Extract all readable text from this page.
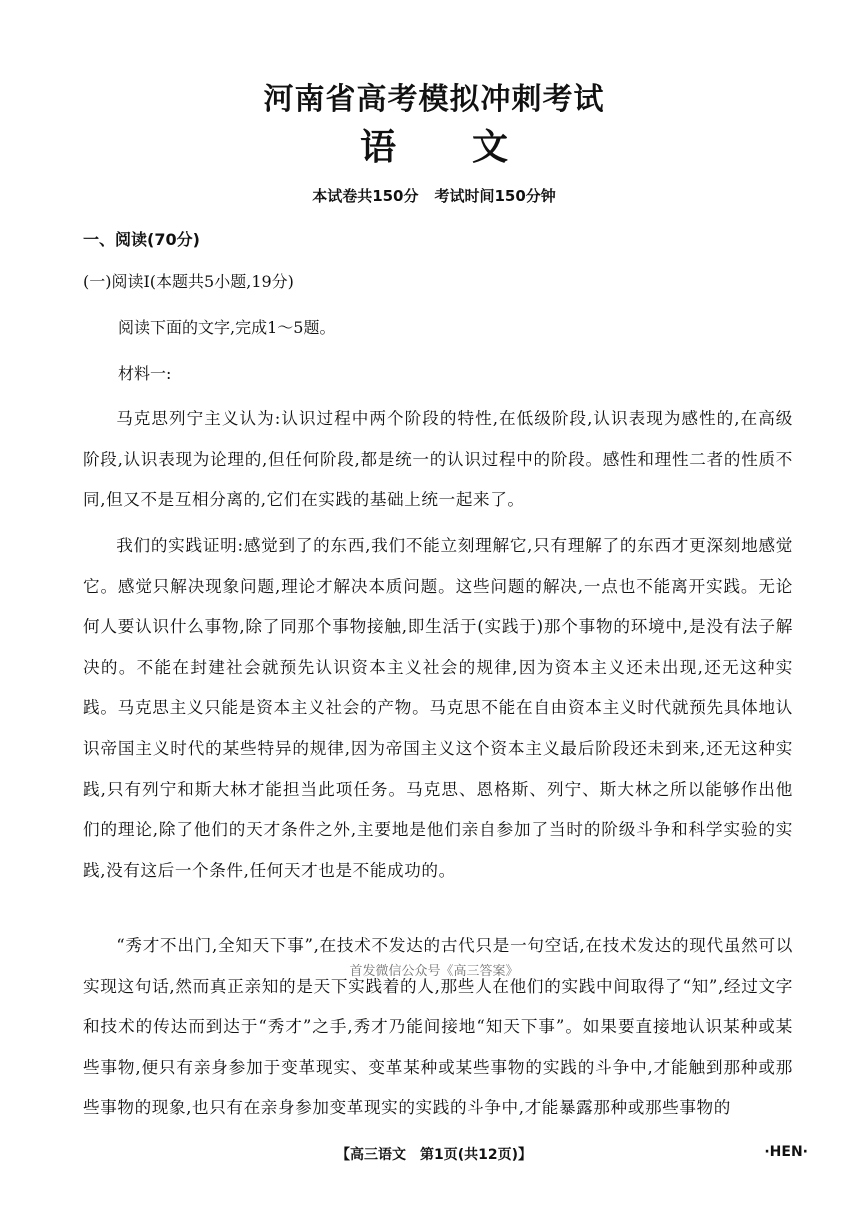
河南省高考模拟冲刺考试
语 文
本试卷共150分 考试时间150分钟
一、阅读(70分)
(一)阅读Ⅰ(本题共5小题,19分)
阅读下面的文字,完成1～5题。
材料一:
马克思列宁主义认为:认识过程中两个阶段的特性,在低级阶段,认识表现为感性的,在高级阶段,认识表现为论理的,但任何阶段,都是统一的认识过程中的阶段。感性和理性二者的性质不同,但又不是互相分离的,它们在实践的基础上统一起来了。
我们的实践证明:感觉到了的东西,我们不能立刻理解它,只有理解了的东西才更深刻地感觉它。感觉只解决现象问题,理论才解决本质问题。这些问题的解决,一点也不能离开实践。无论何人要认识什么事物,除了同那个事物接触,即生活于(实践于)那个事物的环境中,是没有法子解决的。不能在封建社会就预先认识资本主义社会的规律,因为资本主义还未出现,还无这种实践。马克思主义只能是资本主义社会的产物。马克思不能在自由资本主义时代就预先具体地认识帝国主义时代的某些特异的规律,因为帝国主义这个资本主义最后阶段还未到来,还无这种实践,只有列宁和斯大林才能担当此项任务。马克思、恩格斯、列宁、斯大林之所以能够作出他们的理论,除了他们的天才条件之外,主要地是他们亲自参加了当时的阶级斗争和科学实验的实践,没有这后一个条件,任何天才也是不能成功的。
“秀才不出门,全知天下事”,在技术不发达的古代只是一句空话,在技术发达的现代虽然可以实现这句话,然而真正亲知的是天下实践着的人,那些人在他们的实践中间取得了“知”,经过文字和技术的传达而到达于“秀才”之手,秀才乃能间接地“知天下事”。如果要直接地认识某种或某些事物,便只有亲身参加于变革现实、变革某种或某些事物的实践的斗争中,才能触到那种或那些事物的现象,也只有在亲身参加变革现实的实践的斗争中,才能暴露那种或那些事物的
首发微信公众号《高三答案》
【高三语文　第1页(共12页)】	·HEN·
